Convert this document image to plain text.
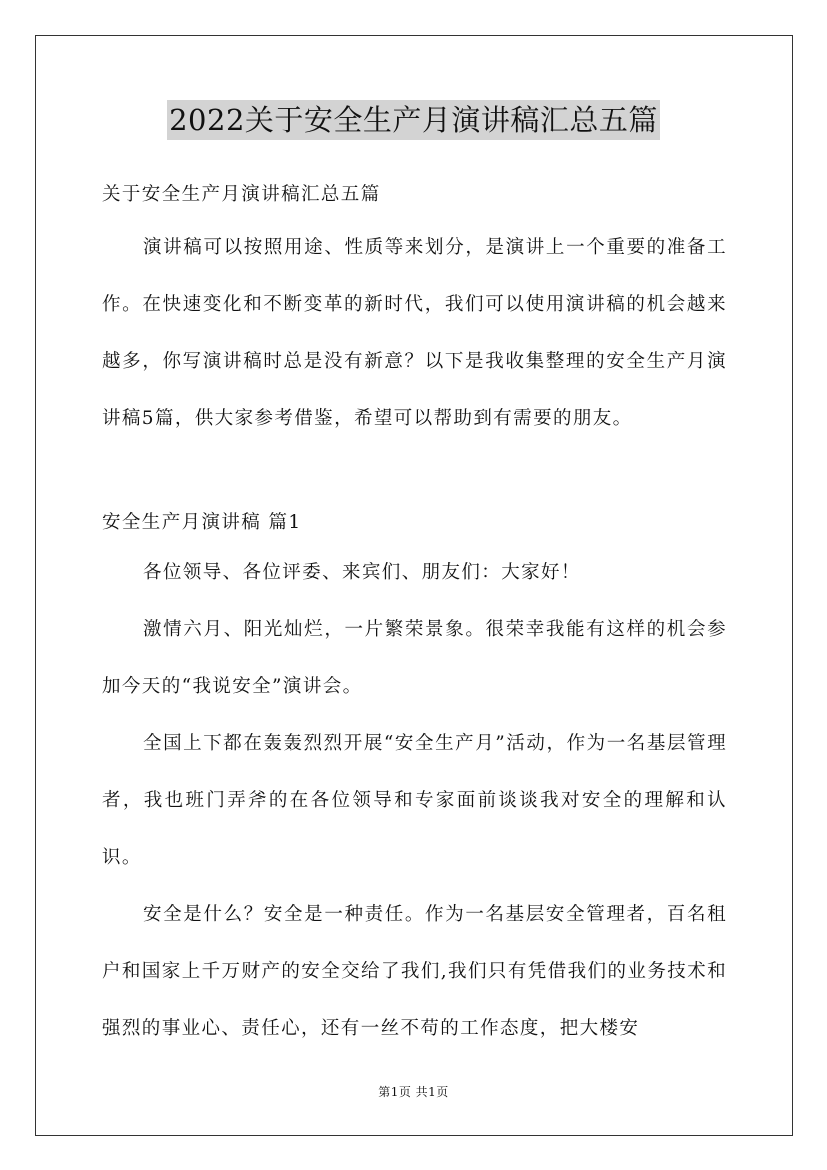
2022关于安全生产月演讲稿汇总五篇
关于安全生产月演讲稿汇总五篇

演讲稿可以按照用途、性质等来划分，是演讲上一个重要的准备工作。在快速变化和不断变革的新时代，我们可以使用演讲稿的机会越来越多，你写演讲稿时总是没有新意？以下是我收集整理的安全生产月演讲稿5篇，供大家参考借鉴，希望可以帮助到有需要的朋友。

安全生产月演讲稿 篇1

各位领导、各位评委、来宾们、朋友们：大家好！

激情六月、阳光灿烂，一片繁荣景象。很荣幸我能有这样的机会参加今天的“我说安全”演讲会。

全国上下都在轰轰烈烈开展“安全生产月”活动，作为一名基层管理者，我也班门弄斧的在各位领导和专家面前谈谈我对安全的理解和认识。

安全是什么？安全是一种责任。作为一名基层安全管理者，百名租户和国家上千万财产的安全交给了我们,我们只有凭借我们的业务技术和强烈的事业心、责任心，还有一丝不苟的工作态度，把大楼安

第1页 共1页
